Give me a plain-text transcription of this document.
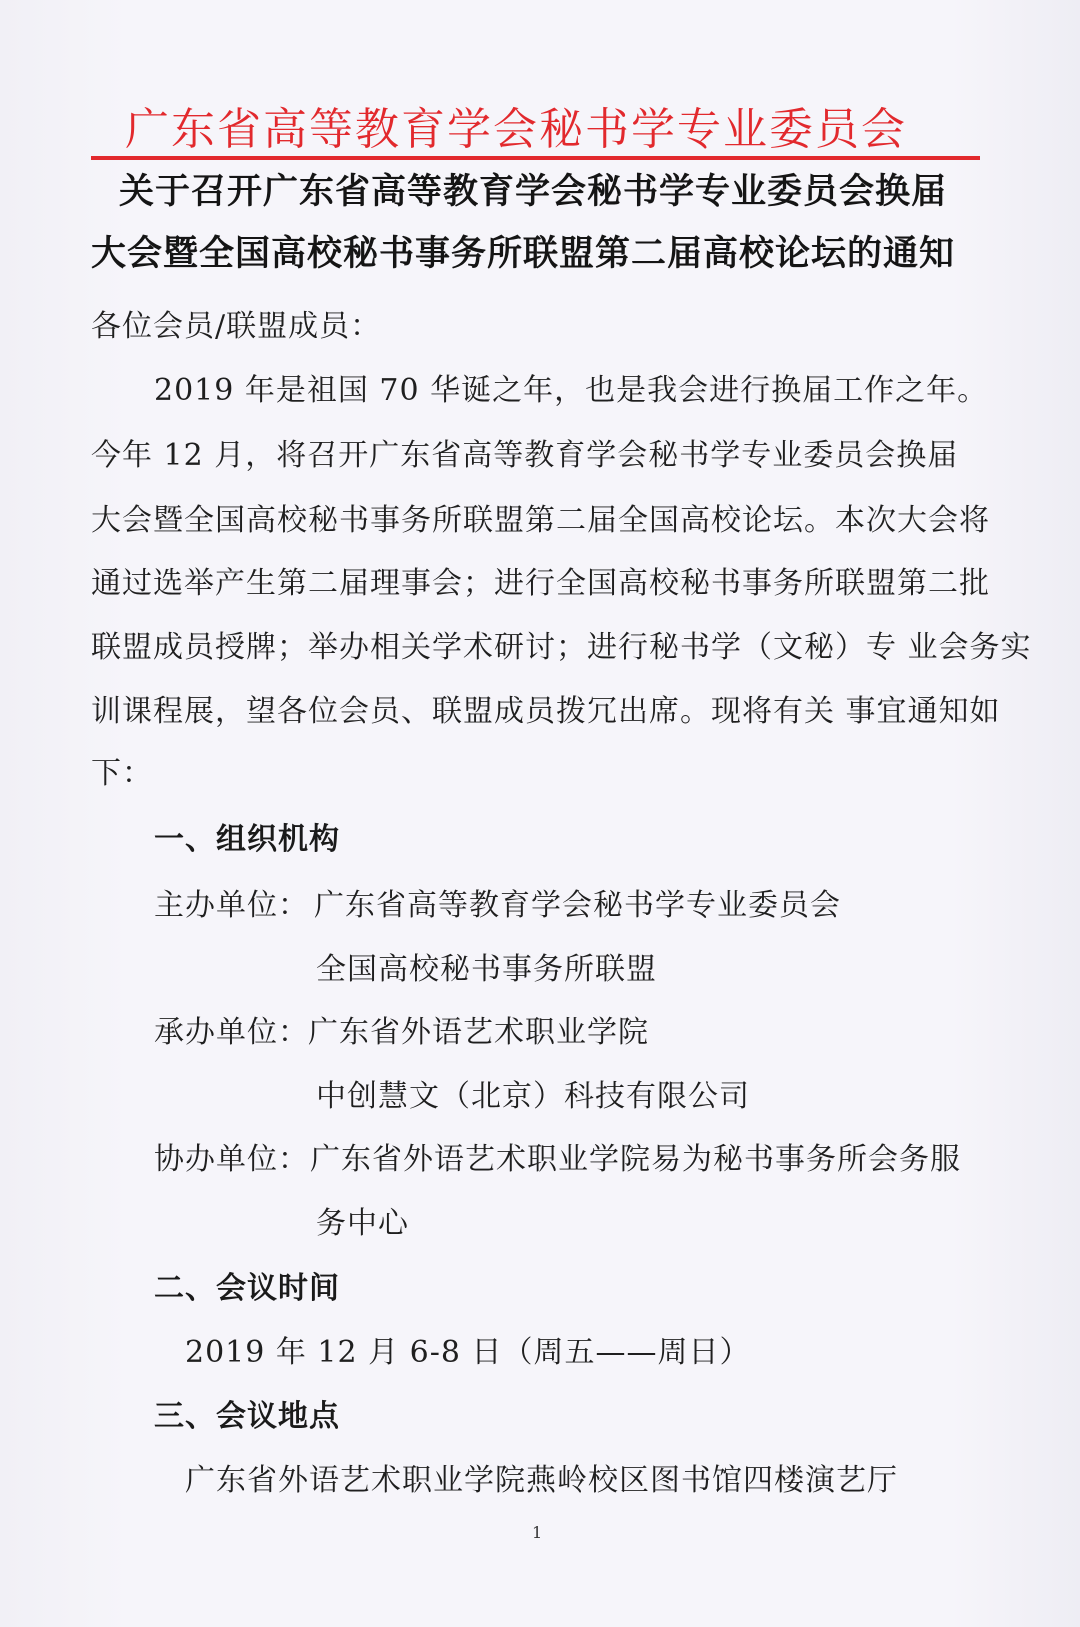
广东省高等教育学会秘书学专业委员会
关于召开广东省高等教育学会秘书学专业委员会换届
大会暨全国高校秘书事务所联盟第二届高校论坛的通知
各位会员/联盟成员：
2019 年是祖国 70 华诞之年，也是我会进行换届工作之年。
今年 12 月，将召开广东省高等教育学会秘书学专业委员会换届
大会暨全国高校秘书事务所联盟第二届全国高校论坛。本次大会将
通过选举产生第二届理事会；进行全国高校秘书事务所联盟第二批
联盟成员授牌；举办相关学术研讨；进行秘书学（文秘）专 业会务实
训课程展，望各位会员、联盟成员拨冗出席。现将有关 事宜通知如
下：
一、组织机构
主办单位： 广东省高等教育学会秘书学专业委员会
全国高校秘书事务所联盟
承办单位： 广东省外语艺术职业学院
中创慧文（北京）科技有限公司
协办单位： 广东省外语艺术职业学院易为秘书事务所会务服
务中心
二、会议时间
2019 年 12 月 6-8 日（周五——周日）
三、会议地点
广东省外语艺术职业学院燕岭校区图书馆四楼演艺厅
1
